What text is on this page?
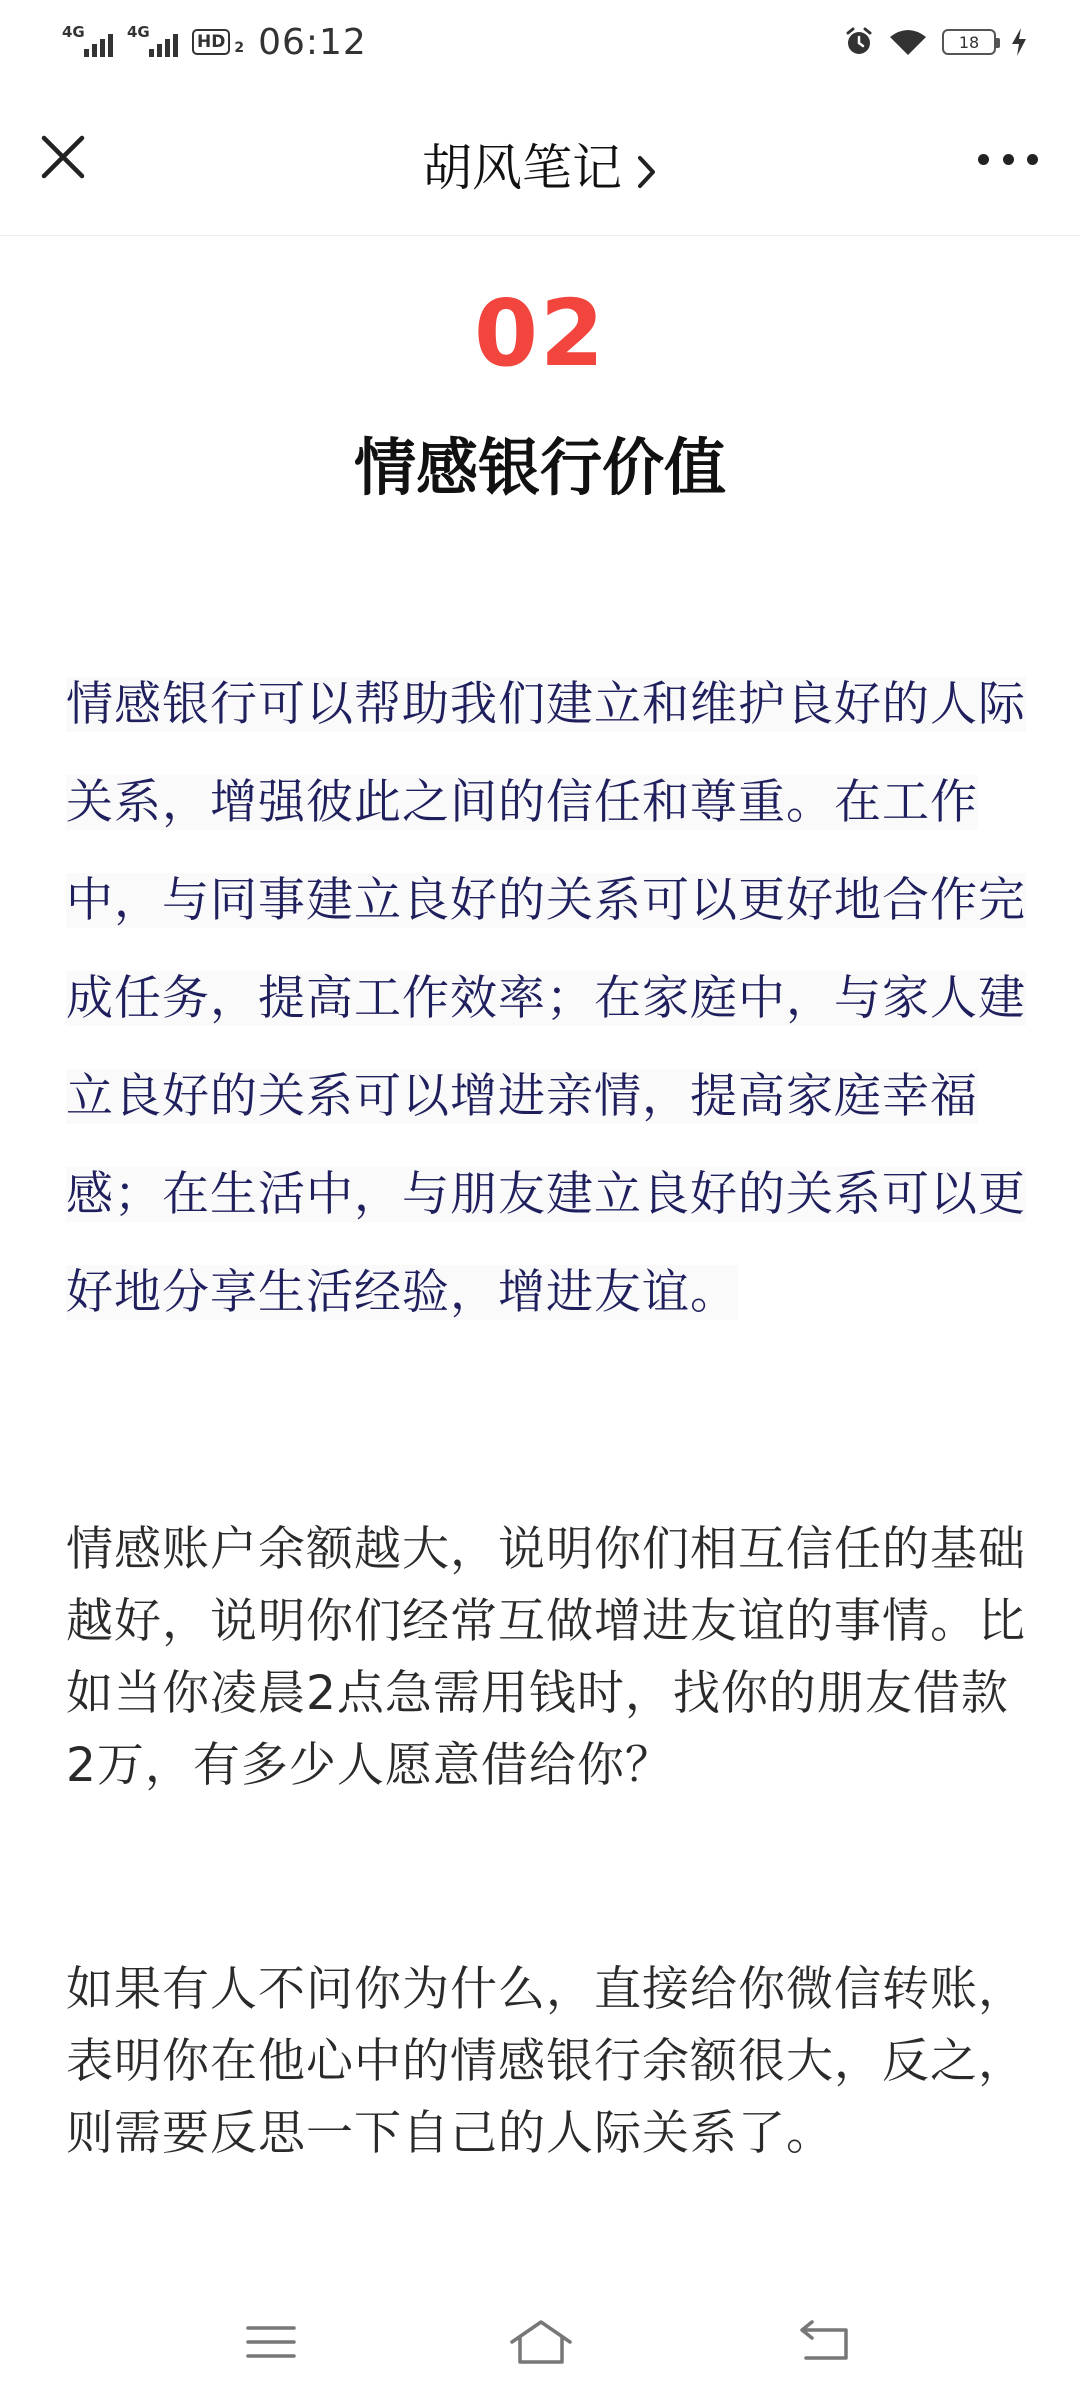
4G	4G	HD 2 06:12	18
胡风笔记
02
情感银行价值

情感银行可以帮助我们建立和维护良好的人际关系，增强彼此之间的信任和尊重。在工作中，与同事建立良好的关系可以更好地合作完成任务，提高工作效率；在家庭中，与家人建立良好的关系可以增进亲情，提高家庭幸福感；在生活中，与朋友建立良好的关系可以更好地分享生活经验，增进友谊。

情感账户余额越大，说明你们相互信任的基础越好，说明你们经常互做增进友谊的事情。比如当你凌晨2点急需用钱时，找你的朋友借款2万，有多少人愿意借给你？

如果有人不问你为什么，直接给你微信转账，表明你在他心中的情感银行余额很大，反之，则需要反思一下自己的人际关系了。
